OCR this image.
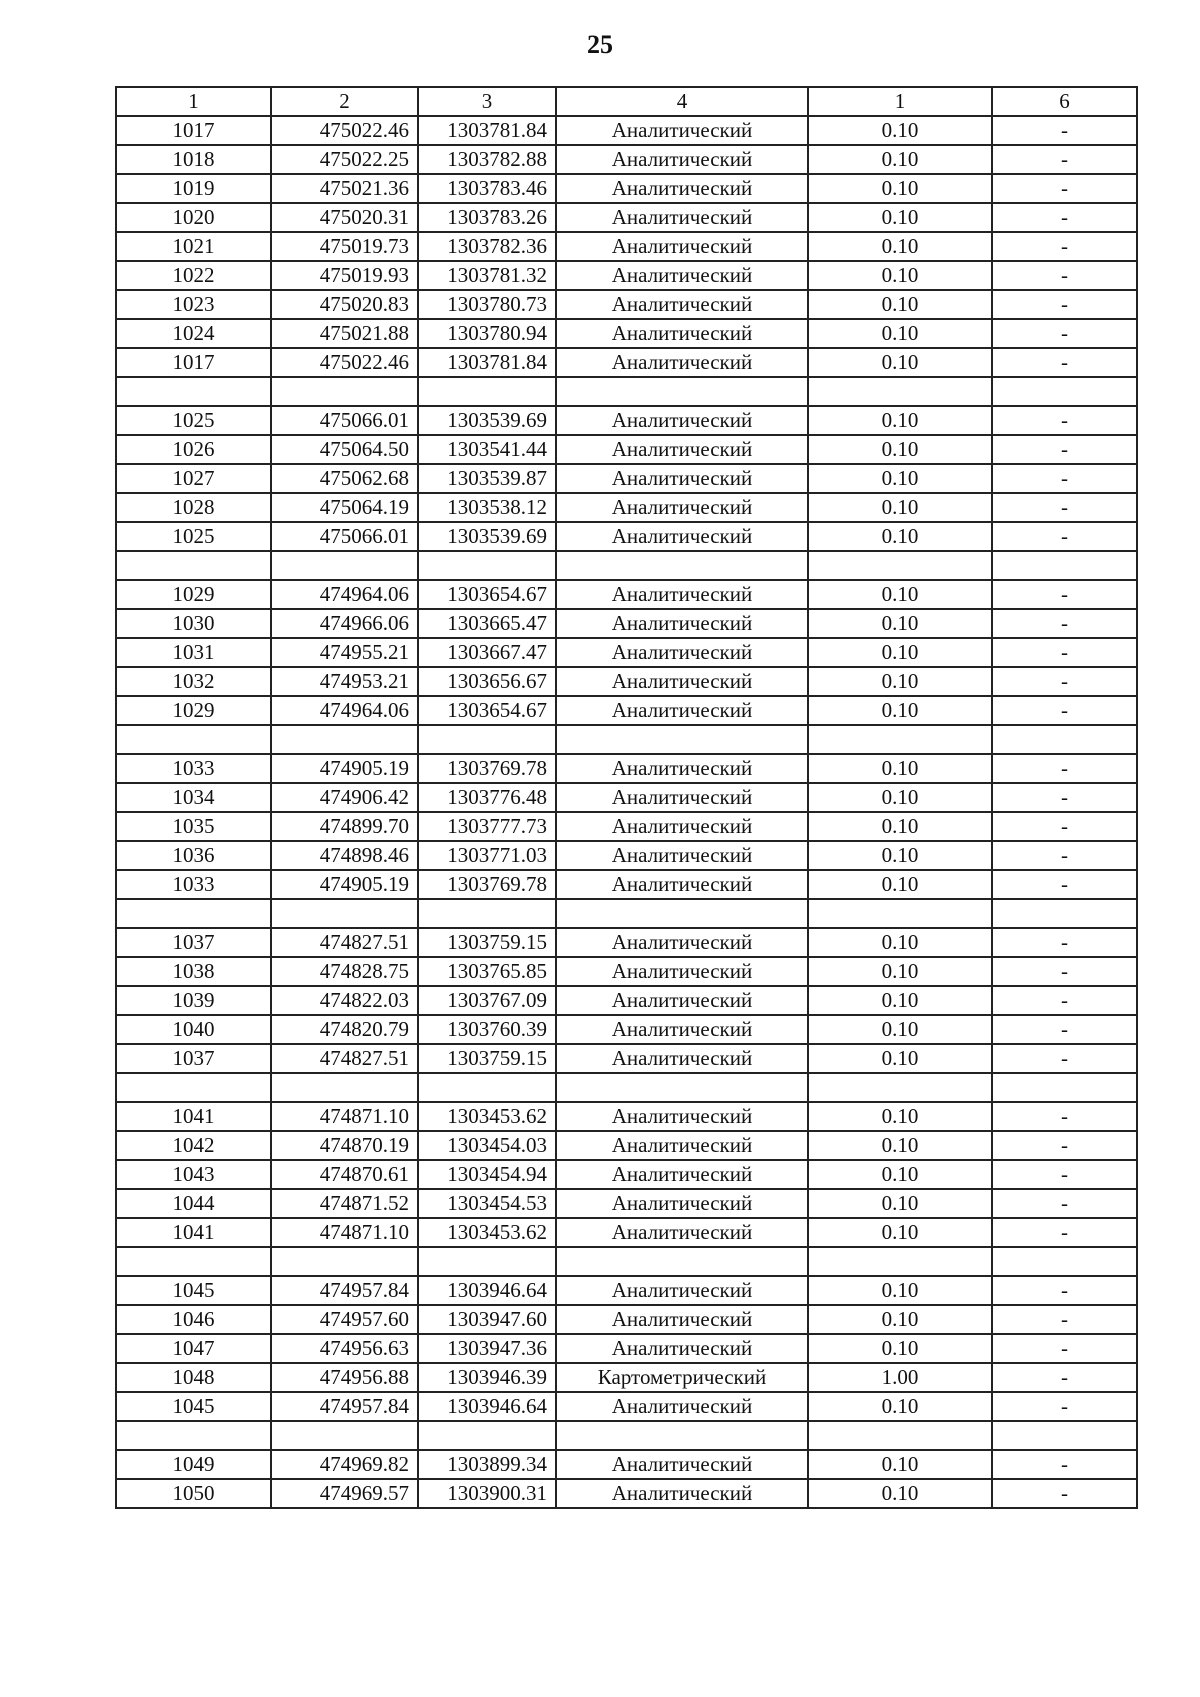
25
1	2	3	4	1	6
1017	475022.46	1303781.84	Аналитический	0.10	-
1018	475022.25	1303782.88	Аналитический	0.10	-
1019	475021.36	1303783.46	Аналитический	0.10	-
1020	475020.31	1303783.26	Аналитический	0.10	-
1021	475019.73	1303782.36	Аналитический	0.10	-
1022	475019.93	1303781.32	Аналитический	0.10	-
1023	475020.83	1303780.73	Аналитический	0.10	-
1024	475021.88	1303780.94	Аналитический	0.10	-
1017	475022.46	1303781.84	Аналитический	0.10	-

1025	475066.01	1303539.69	Аналитический	0.10	-
1026	475064.50	1303541.44	Аналитический	0.10	-
1027	475062.68	1303539.87	Аналитический	0.10	-
1028	475064.19	1303538.12	Аналитический	0.10	-
1025	475066.01	1303539.69	Аналитический	0.10	-

1029	474964.06	1303654.67	Аналитический	0.10	-
1030	474966.06	1303665.47	Аналитический	0.10	-
1031	474955.21	1303667.47	Аналитический	0.10	-
1032	474953.21	1303656.67	Аналитический	0.10	-
1029	474964.06	1303654.67	Аналитический	0.10	-

1033	474905.19	1303769.78	Аналитический	0.10	-
1034	474906.42	1303776.48	Аналитический	0.10	-
1035	474899.70	1303777.73	Аналитический	0.10	-
1036	474898.46	1303771.03	Аналитический	0.10	-
1033	474905.19	1303769.78	Аналитический	0.10	-

1037	474827.51	1303759.15	Аналитический	0.10	-
1038	474828.75	1303765.85	Аналитический	0.10	-
1039	474822.03	1303767.09	Аналитический	0.10	-
1040	474820.79	1303760.39	Аналитический	0.10	-
1037	474827.51	1303759.15	Аналитический	0.10	-

1041	474871.10	1303453.62	Аналитический	0.10	-
1042	474870.19	1303454.03	Аналитический	0.10	-
1043	474870.61	1303454.94	Аналитический	0.10	-
1044	474871.52	1303454.53	Аналитический	0.10	-
1041	474871.10	1303453.62	Аналитический	0.10	-

1045	474957.84	1303946.64	Аналитический	0.10	-
1046	474957.60	1303947.60	Аналитический	0.10	-
1047	474956.63	1303947.36	Аналитический	0.10	-
1048	474956.88	1303946.39	Картометрический	1.00	-
1045	474957.84	1303946.64	Аналитический	0.10	-

1049	474969.82	1303899.34	Аналитический	0.10	-
1050	474969.57	1303900.31	Аналитический	0.10	-
